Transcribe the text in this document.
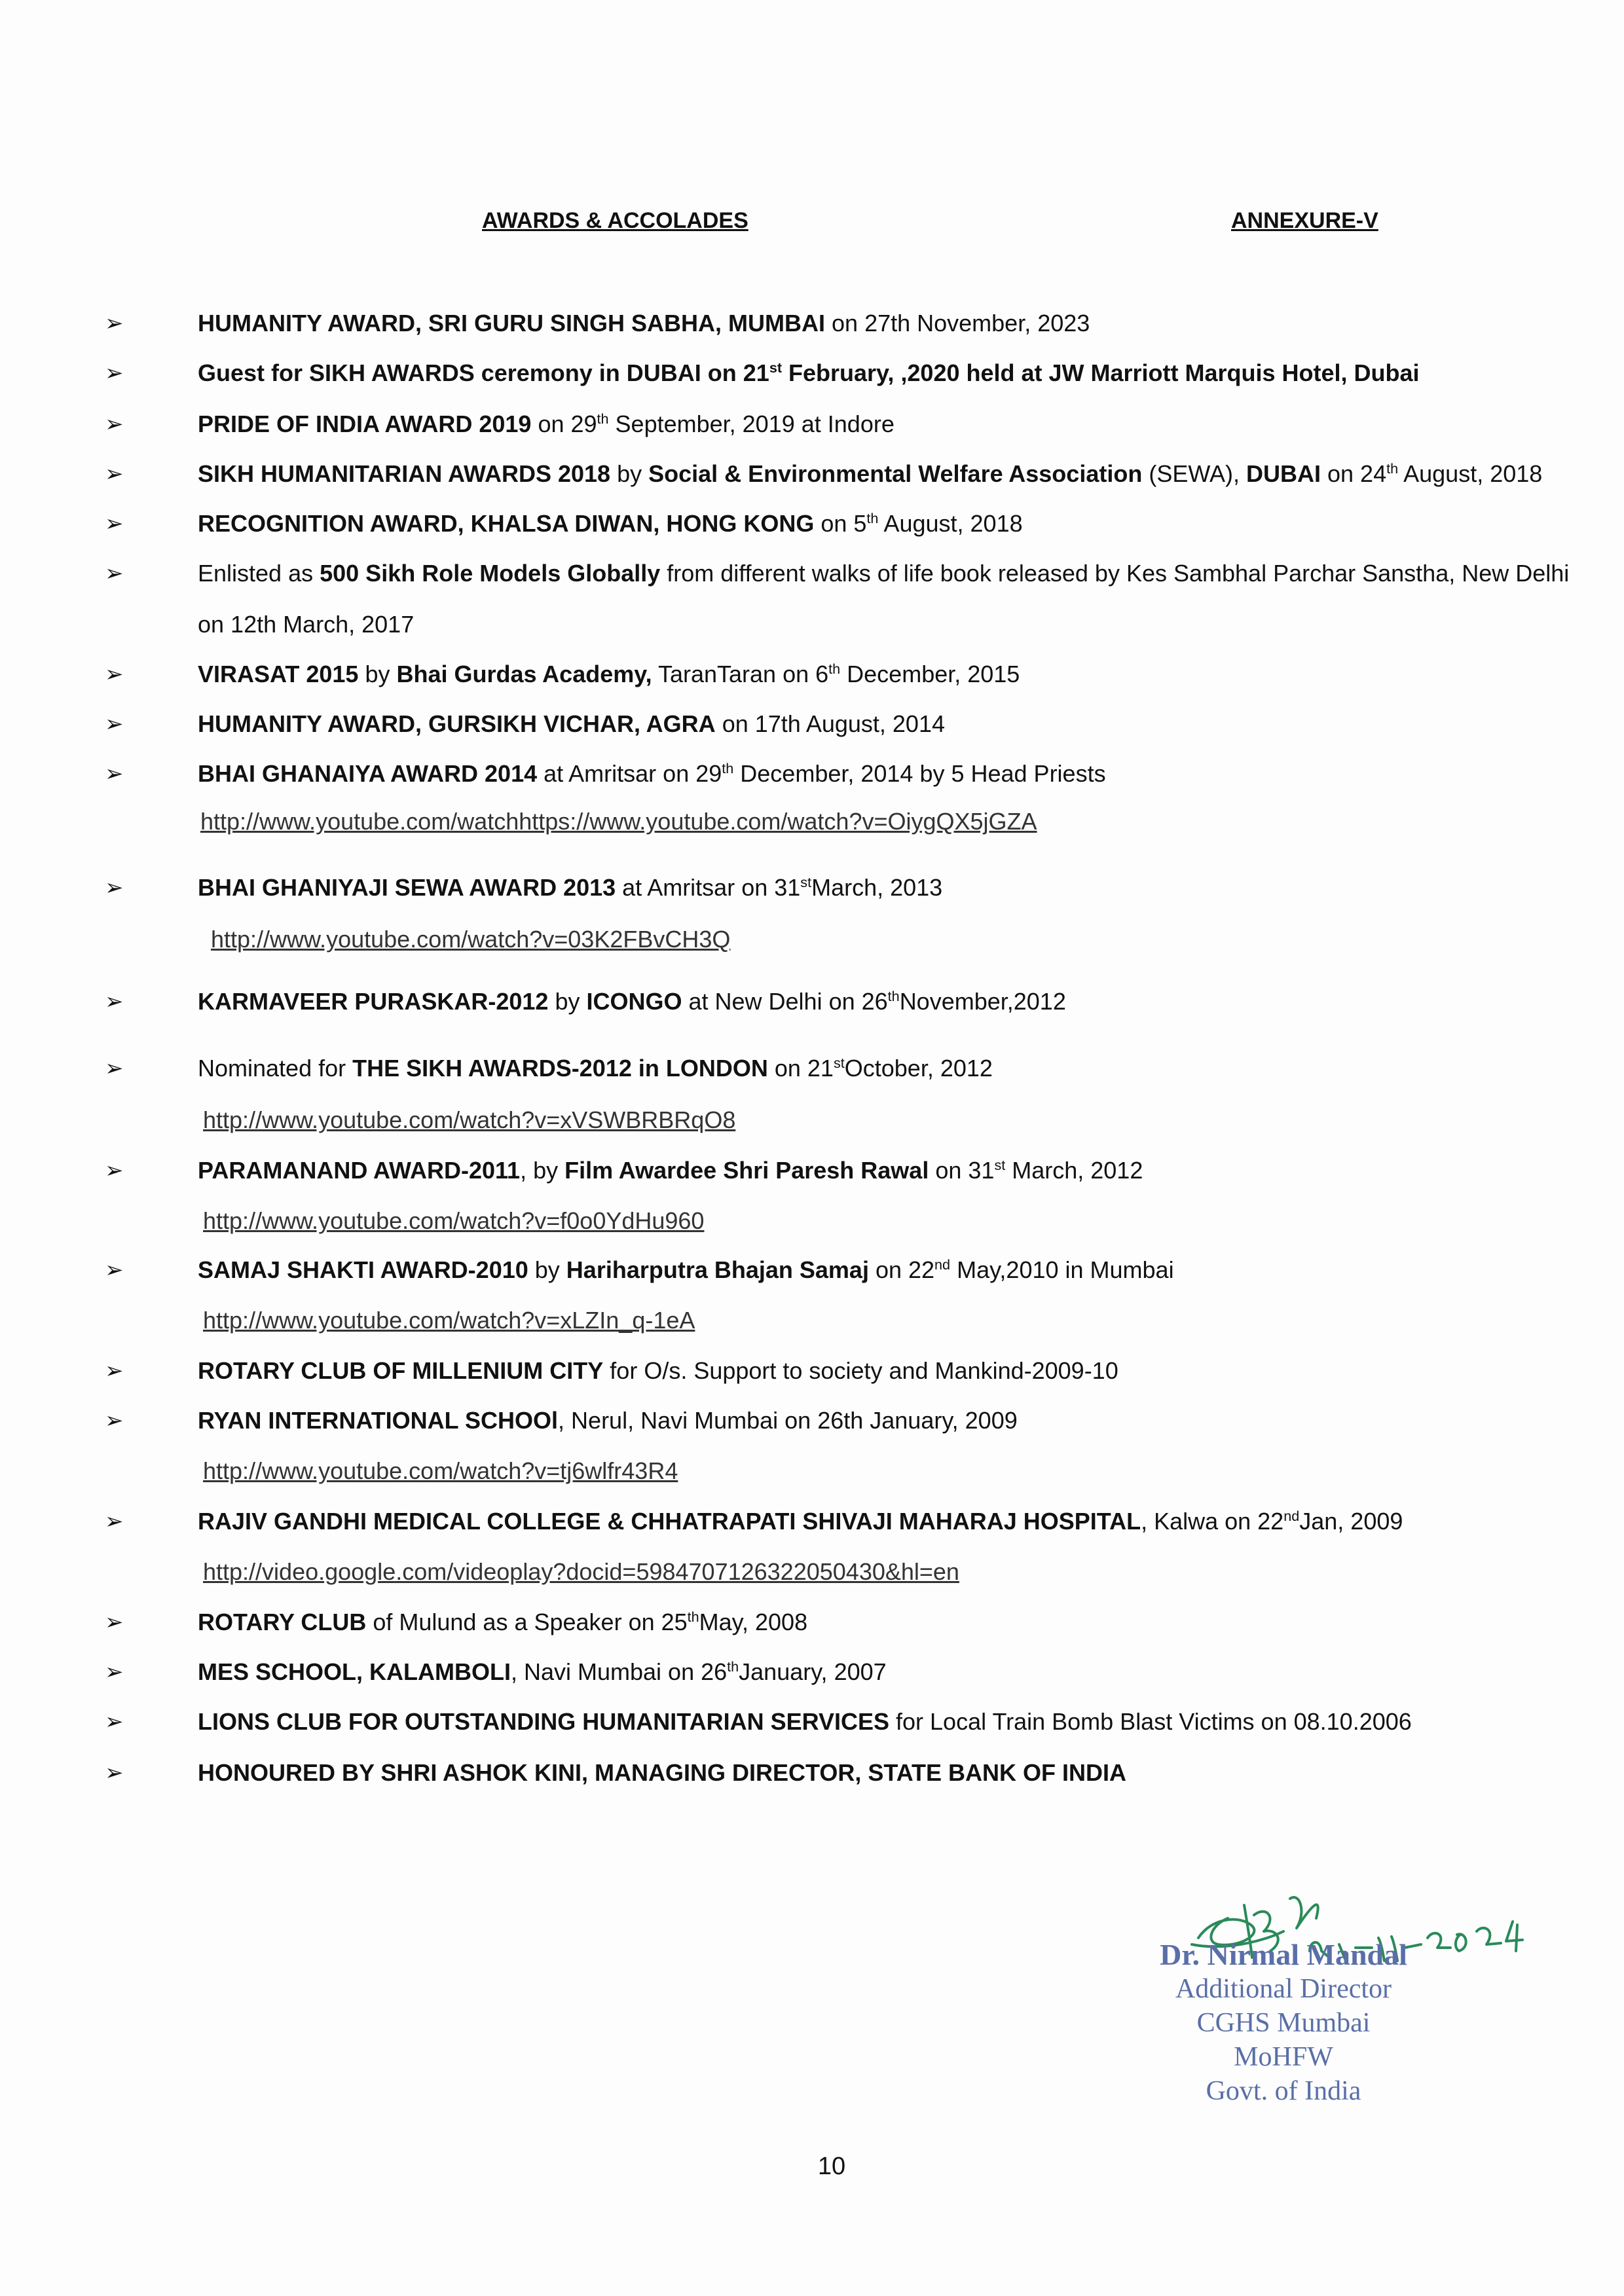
AWARDS & ACCOLADES	ANNEXURE-V
➢	HUMANITY AWARD, SRI GURU SINGH SABHA, MUMBAI on 27th November, 2023
➢	Guest for SIKH AWARDS ceremony in DUBAI on 21st February, ,2020 held at JW Marriott Marquis Hotel, Dubai
➢	PRIDE OF INDIA AWARD 2019 on 29th September, 2019 at Indore
➢	SIKH HUMANITARIAN AWARDS 2018 by Social & Environmental Welfare Association (SEWA), DUBAI on 24th August, 2018
➢	RECOGNITION AWARD, KHALSA DIWAN, HONG KONG on 5th August, 2018
➢	Enlisted as 500 Sikh Role Models Globally from different walks of life book released by Kes Sambhal Parchar Sanstha, New Delhi on 12th March, 2017
➢	VIRASAT 2015 by Bhai Gurdas Academy, TaranTaran on 6th December, 2015
➢	HUMANITY AWARD, GURSIKH VICHAR, AGRA on 17th August, 2014
➢	BHAI GHANAIYA AWARD 2014 at Amritsar on 29th December, 2014 by 5 Head Priests
http://www.youtube.com/watchhttps://www.youtube.com/watch?v=OiygQX5jGZA
➢	BHAI GHANIYAJI SEWA AWARD 2013 at Amritsar on 31stMarch, 2013
http://www.youtube.com/watch?v=03K2FBvCH3Q
➢	KARMAVEER PURASKAR-2012 by ICONGO at New Delhi on 26thNovember,2012
➢	Nominated for THE SIKH AWARDS-2012 in LONDON on 21stOctober, 2012
http://www.youtube.com/watch?v=xVSWBRBRqO8
➢	PARAMANAND AWARD-2011, by Film Awardee Shri Paresh Rawal on 31st March, 2012
http://www.youtube.com/watch?v=f0o0YdHu960
➢	SAMAJ SHAKTI AWARD-2010 by Hariharputra Bhajan Samaj on 22nd May,2010 in Mumbai
http://www.youtube.com/watch?v=xLZIn_q-1eA
➢	ROTARY CLUB OF MILLENIUM CITY for O/s. Support to society and Mankind-2009-10
➢	RYAN INTERNATIONAL SCHOOl, Nerul, Navi Mumbai on 26th January, 2009
http://www.youtube.com/watch?v=tj6wlfr43R4
➢	RAJIV GANDHI MEDICAL COLLEGE & CHHATRAPATI SHIVAJI MAHARAJ HOSPITAL, Kalwa on 22ndJan, 2009
http://video.google.com/videoplay?docid=5984707126322050430&hl=en
➢	ROTARY CLUB of Mulund as a Speaker on 25thMay, 2008
➢	MES SCHOOL, KALAMBOLI, Navi Mumbai on 26thJanuary, 2007
➢	LIONS CLUB FOR OUTSTANDING HUMANITARIAN SERVICES for Local Train Bomb Blast Victims on 08.10.2006
➢	HONOURED BY SHRI ASHOK KINI, MANAGING DIRECTOR, STATE BANK OF INDIA
Dr. Nirmal Mandal
Additional Director
CGHS Mumbai
MoHFW
Govt. of India
10
